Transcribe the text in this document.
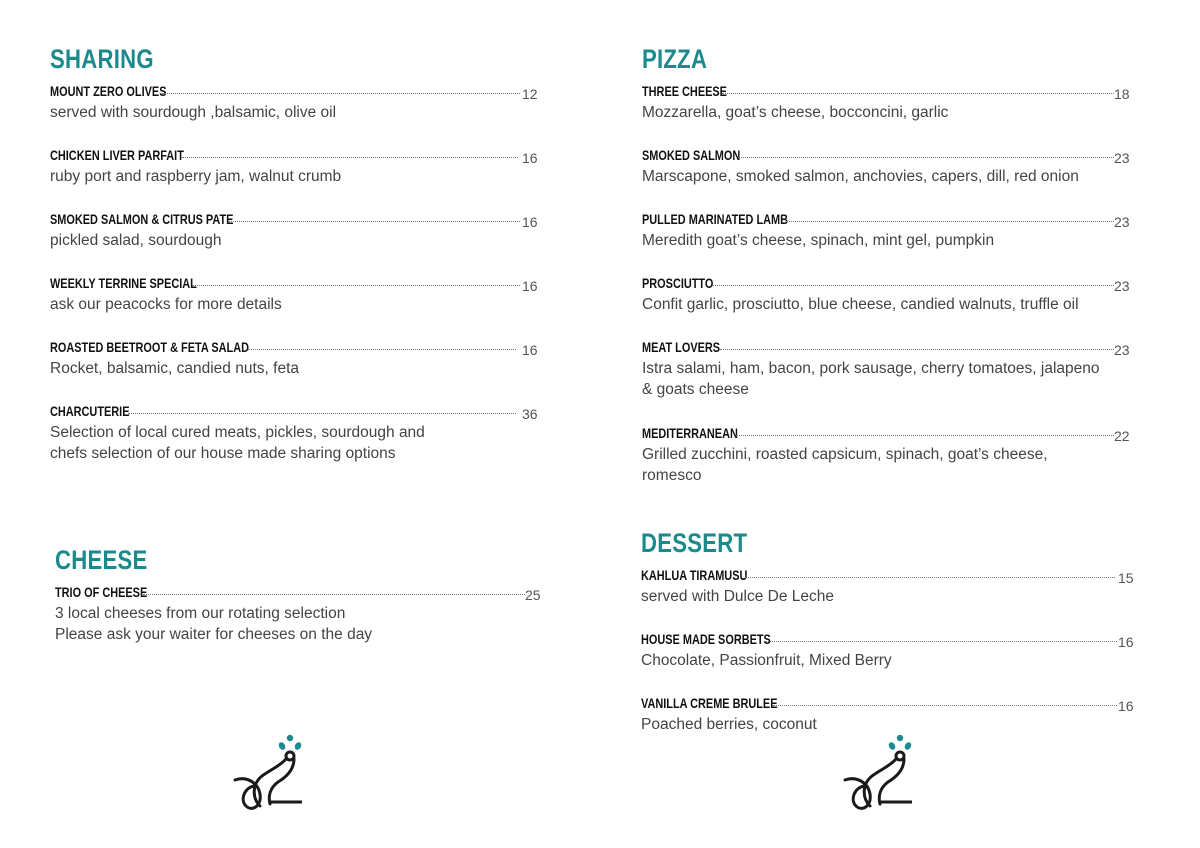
SHARING
MOUNT ZERO OLIVES	12
served with sourdough ,balsamic, olive oil
CHICKEN LIVER PARFAIT	16
ruby port and raspberry jam, walnut crumb
SMOKED SALMON & CITRUS PATE	16
pickled salad, sourdough
WEEKLY TERRINE SPECIAL	16
ask our peacocks for more details
ROASTED BEETROOT & FETA SALAD	16
Rocket, balsamic, candied nuts, feta
CHARCUTERIE	36
Selection of local cured meats, pickles, sourdough and
chefs selection of our house made sharing options
CHEESE
TRIO OF CHEESE	25
3 local cheeses from our rotating selection
Please ask your waiter for cheeses on the day
PIZZA
THREE CHEESE	18
Mozzarella, goat’s cheese, bocconcini, garlic
SMOKED SALMON	23
Marscapone, smoked salmon, anchovies, capers, dill, red onion
PULLED MARINATED LAMB	23
Meredith goat’s cheese, spinach, mint gel, pumpkin
PROSCIUTTO	23
Confit garlic, prosciutto, blue cheese, candied walnuts, truffle oil
MEAT LOVERS	23
Istra salami, ham, bacon, pork sausage, cherry tomatoes, jalapeno
& goats cheese
MEDITERRANEAN	22
Grilled zucchini, roasted capsicum, spinach, goat’s cheese,
romesco
DESSERT
KAHLUA TIRAMUSU	15
served with Dulce De Leche
HOUSE MADE SORBETS	16
Chocolate, Passionfruit, Mixed Berry
VANILLA CREME BRULEE	16
Poached berries, coconut
